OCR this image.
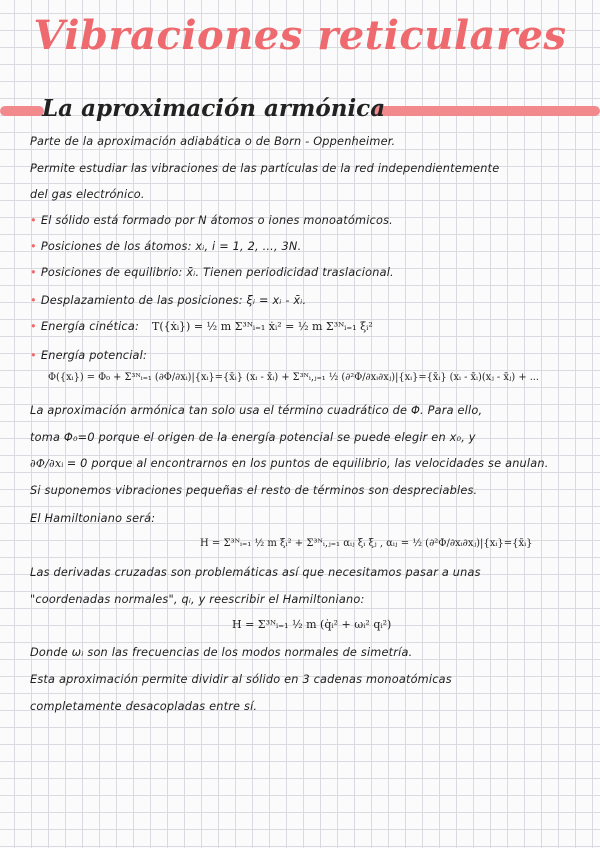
Vibraciones reticulares
La aproximación armónica
Parte de la aproximación adiabática o de Born - Oppenheimer.
Permite estudiar las vibraciones de las partículas de la red independientemente
del gas electrónico.
• El sólido está formado por N átomos o iones monoatómicos.
• Posiciones de los átomos: xᵢ, i = 1, 2, ..., 3N.
• Posiciones de equilibrio: x̄ᵢ. Tienen periodicidad traslacional.
• Desplazamiento de las posiciones: ξᵢ = xᵢ - x̄ᵢ.
• Energía cinética: T({ẋᵢ}) = ½ m Σ³ᴺᵢ₌₁ ẋᵢ² = ½ m Σ³ᴺᵢ₌₁ ξ̇ᵢ²
• Energía potencial:
Φ({xᵢ}) = Φ₀ + Σ³ᴺᵢ₌₁ (∂Φ/∂xᵢ)|{xᵢ}={x̄ᵢ} (xᵢ - x̄ᵢ) + Σ³ᴺᵢ,ⱼ₌₁ ½ (∂²Φ/∂xᵢ∂xⱼ)|{xᵢ}={x̄ᵢ} (xᵢ - x̄ᵢ)(xⱼ - x̄ⱼ) + ...
La aproximación armónica tan solo usa el término cuadrático de Φ. Para ello,
toma Φ₀=0 porque el origen de la energía potencial se puede elegir en x₀, y
∂Φ/∂xᵢ = 0 porque al encontrarnos en los puntos de equilibrio, las velocidades se anulan.
Si suponemos vibraciones pequeñas el resto de términos son despreciables.
El Hamiltoniano será:
H = Σ³ᴺᵢ₌₁ ½ m ξ̇ᵢ² + Σ³ᴺᵢ,ⱼ₌₁ αᵢⱼ ξᵢ ξⱼ , αᵢⱼ = ½ (∂²Φ/∂xᵢ∂xⱼ)|{xᵢ}={x̄ᵢ}
Las derivadas cruzadas son problemáticas así que necesitamos pasar a unas
"coordenadas normales", qᵢ, y reescribir el Hamiltoniano:
H = Σ³ᴺᵢ₌₁ ½ m (q̇ᵢ² + ωᵢ² qᵢ²)
Donde ωᵢ son las frecuencias de los modos normales de simetría.
Esta aproximación permite dividir al sólido en 3 cadenas monoatómicas
completamente desacopladas entre sí.
